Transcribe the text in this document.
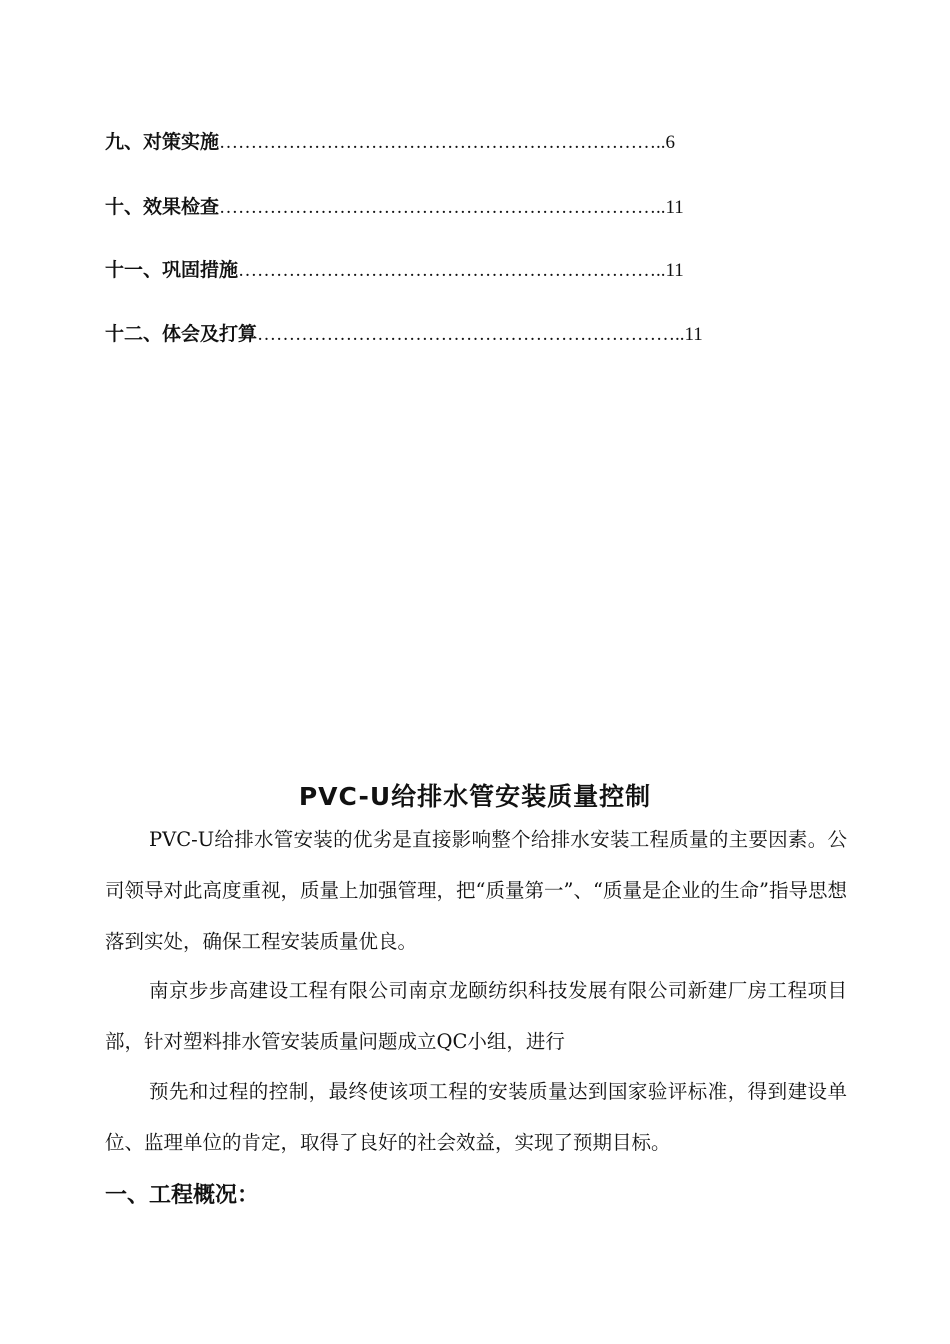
九、对策实施……………………………………………………………..6
十、效果检查……………………………………………………………..11
十一、巩固措施…………………………………………………………..11
十二、体会及打算…………………………………………………………..11
PVC-U给排水管安装质量控制

PVC-U给排水管安装的优劣是直接影响整个给排水安装工程质量的主要因素。公司领导对此高度重视，质量上加强管理，把“质量第一”、“质量是企业的生命”指导思想落到实处，确保工程安装质量优良。

南京步步高建设工程有限公司南京龙颐纺织科技发展有限公司新建厂房工程项目部，针对塑料排水管安装质量问题成立QC小组，进行

预先和过程的控制，最终使该项工程的安装质量达到国家验评标准，得到建设单位、监理单位的肯定，取得了良好的社会效益，实现了预期目标。

一、工程概况：
